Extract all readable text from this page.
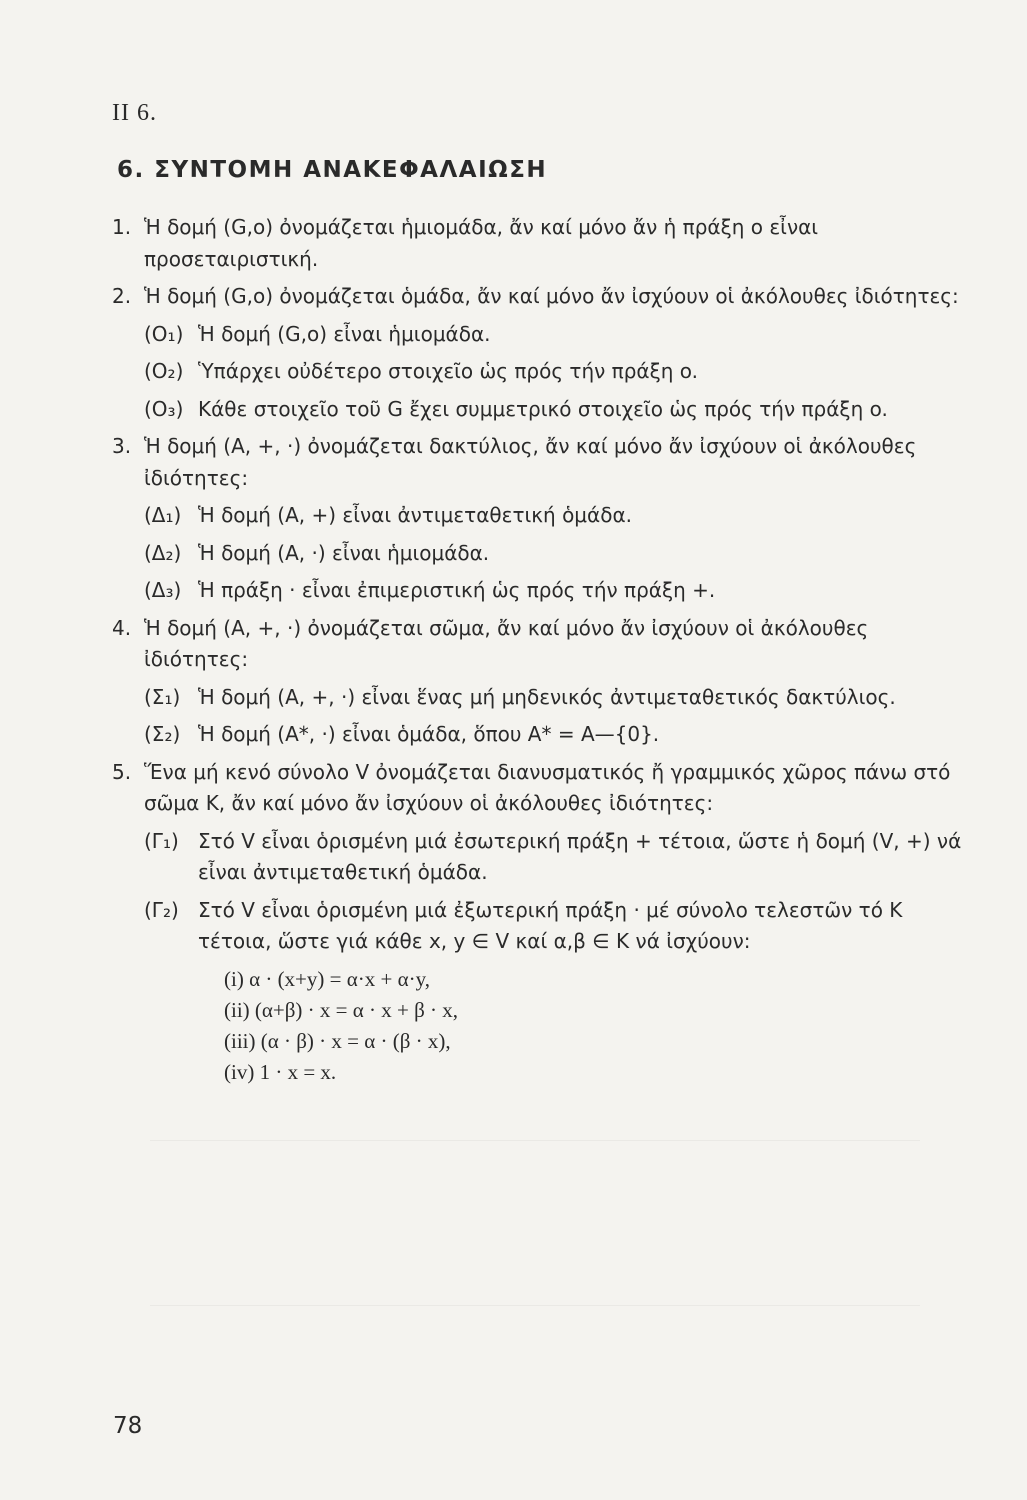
II 6.
6. ΣΥΝΤΟΜΗ ΑΝΑΚΕΦΑΛΑΙΩΣΗ
1. Ἡ δομή (G,o) ὀνομάζεται ἡμιομάδα, ἄν καί μόνο ἄν ἡ πράξη o εἶναι προσεταιριστική.
2. Ἡ δομή (G,o) ὀνομάζεται ὁμάδα, ἄν καί μόνο ἄν ἰσχύουν οἱ ἀκόλουθες ἰδιότητες:
(O₁) Ἡ δομή (G,o) εἶναι ἡμιομάδα.
(O₂) Ὑπάρχει οὐδέτερο στοιχεῖο ὡς πρός τήν πράξη o.
(O₃) Κάθε στοιχεῖο τοῦ G ἔχει συμμετρικό στοιχεῖο ὡς πρός τήν πράξη o.
3. Ἡ δομή (A, +, ·) ὀνομάζεται δακτύλιος, ἄν καί μόνο ἄν ἰσχύουν οἱ ἀκόλουθες ἰδιότητες:
(Δ₁) Ἡ δομή (A, +) εἶναι ἀντιμεταθετική ὁμάδα.
(Δ₂) Ἡ δομή (A, ·) εἶναι ἡμιομάδα.
(Δ₃) Ἡ πράξη · εἶναι ἐπιμεριστική ὡς πρός τήν πράξη +.
4. Ἡ δομή (A, +, ·) ὀνομάζεται σῶμα, ἄν καί μόνο ἄν ἰσχύουν οἱ ἀκόλουθες ἰδιότητες:
(Σ₁) Ἡ δομή (A, +, ·) εἶναι ἕνας μή μηδενικός ἀντιμεταθετικός δακτύλιος.
(Σ₂) Ἡ δομή (A*, ·) εἶναι ὁμάδα, ὅπου A* = A—{0}.
5. Ἕνα μή κενό σύνολο V ὀνομάζεται διανυσματικός ἤ γραμμικός χῶρος πάνω στό σῶμα K, ἄν καί μόνο ἄν ἰσχύουν οἱ ἀκόλουθες ἰδιότητες:
(Γ₁) Στό V εἶναι ὁρισμένη μιά ἐσωτερική πράξη + τέτοια, ὥστε ἡ δομή (V, +) νά εἶναι ἀντιμεταθετική ὁμάδα.
(Γ₂) Στό V εἶναι ὁρισμένη μιά ἐξωτερική πράξη · μέ σύνολο τελεστῶν τό K τέτοια, ὥστε γιά κάθε x, y ∈ V καί α,β ∈ K νά ἰσχύουν:
(i) α · (x+y) = α·x + α·y,
(ii) (α+β) · x = α · x + β · x,
(iii) (α · β) · x = α · (β · x),
(iv) 1 · x = x.
78
